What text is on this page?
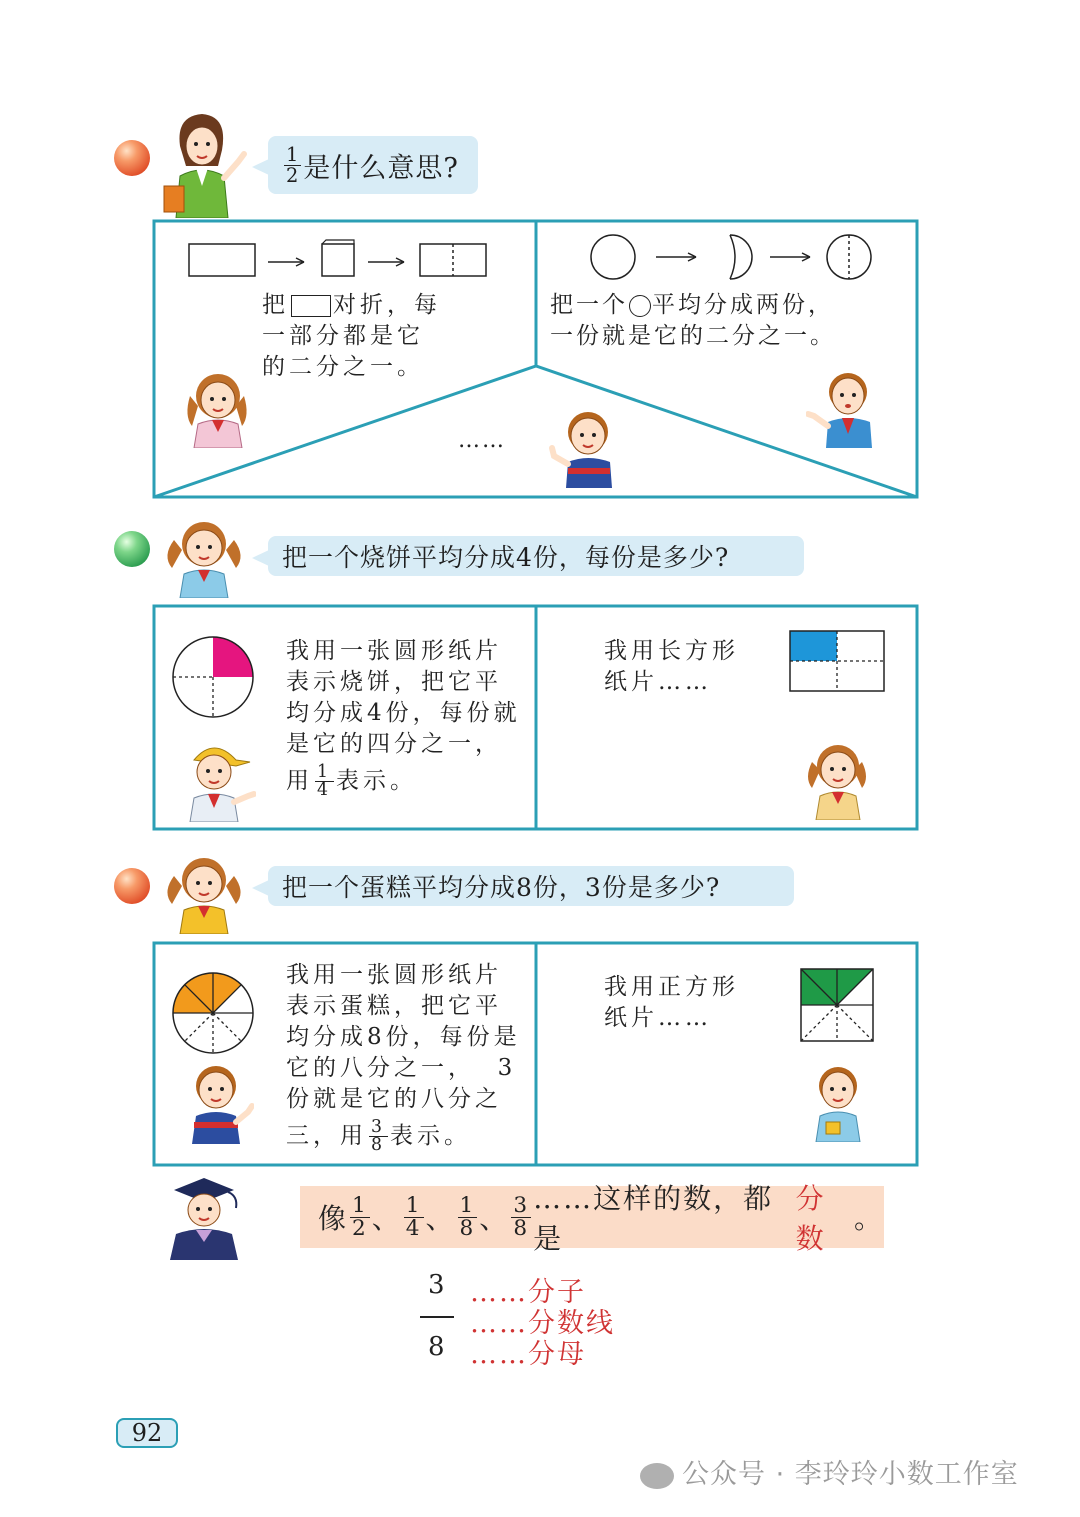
$\frac{1}{2}$ 是什么意思?
把 对折，每
一部分都是它
的二分之一。
把一个 平均分成两份，
一份就是它的二分之一。
……
把一个烧饼平均分成4份，每份是多少?
我用一张圆形纸片
表示烧饼，把它平
均分成4份，每份就
是它的四分之一，
用 $\frac{1}{4}$ 表示。
我用长方形
纸片……
把一个蛋糕平均分成8份，3份是多少?
我用一张圆形纸片
表示蛋糕，把它平
均分成8份，每份是
它的八分之一，  3
份就是它的八分之
三，用 $\frac{3}{8}$ 表示。
我用正方形
纸片……
像 $\frac{1}{2}$ 、 $\frac{1}{4}$ 、 $\frac{1}{8}$ 、 $\frac{3}{8}$ ……这样的数，都是
分数
。
3
8
……分子
……分数线
……分母
92
公众号 · 李玲玲小数工作室
